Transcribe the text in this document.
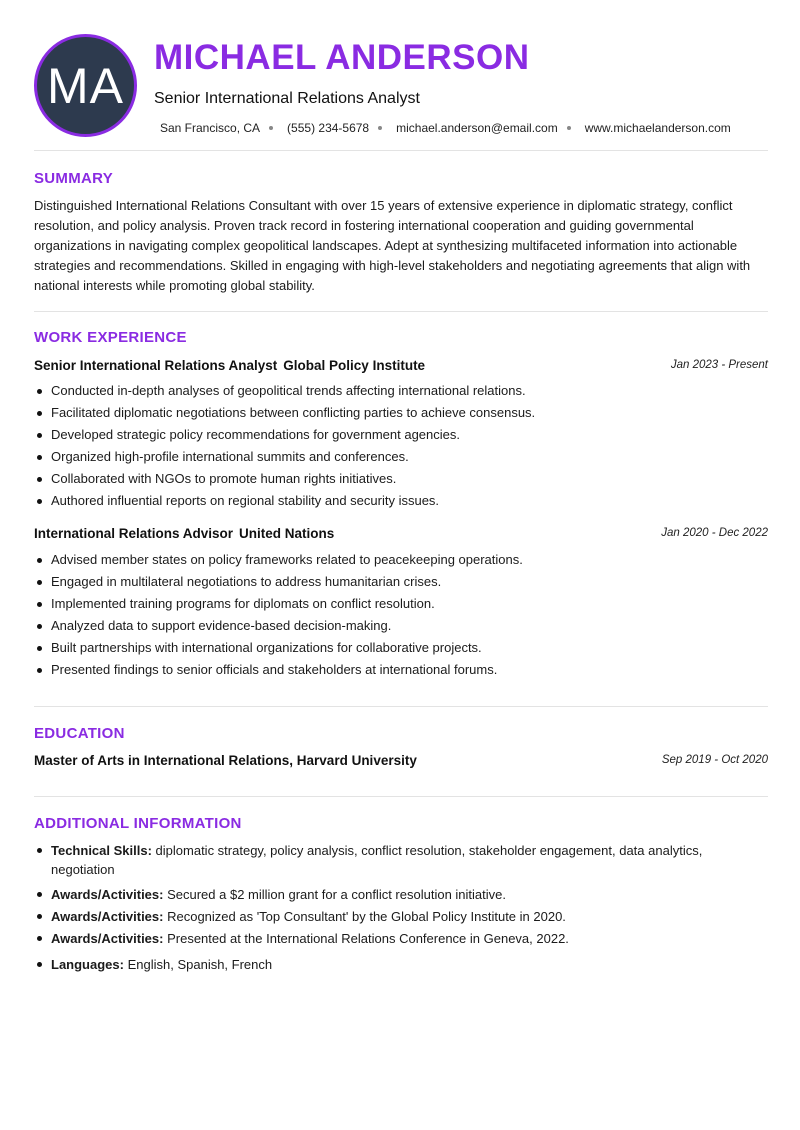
MA MICHAEL ANDERSON
Senior International Relations Analyst
San Francisco, CA (555) 234-5678 michael.anderson@email.com www.michaelanderson.com
SUMMARY
Distinguished International Relations Consultant with over 15 years of extensive experience in diplomatic strategy, conflict resolution, and policy analysis. Proven track record in fostering international cooperation and guiding governmental organizations in navigating complex geopolitical landscapes. Adept at synthesizing multifaceted information into actionable strategies and recommendations. Skilled in engaging with high-level stakeholders and negotiating agreements that align with national interests while promoting global stability.
WORK EXPERIENCE
Senior International Relations Analyst Global Policy Institute	Jan 2023 - Present
Conducted in-depth analyses of geopolitical trends affecting international relations.
Facilitated diplomatic negotiations between conflicting parties to achieve consensus.
Developed strategic policy recommendations for government agencies.
Organized high-profile international summits and conferences.
Collaborated with NGOs to promote human rights initiatives.
Authored influential reports on regional stability and security issues.
International Relations Advisor United Nations	Jan 2020 - Dec 2022
Advised member states on policy frameworks related to peacekeeping operations.
Engaged in multilateral negotiations to address humanitarian crises.
Implemented training programs for diplomats on conflict resolution.
Analyzed data to support evidence-based decision-making.
Built partnerships with international organizations for collaborative projects.
Presented findings to senior officials and stakeholders at international forums.
EDUCATION
Master of Arts in International Relations, Harvard University	Sep 2019 - Oct 2020
ADDITIONAL INFORMATION
Technical Skills: diplomatic strategy, policy analysis, conflict resolution, stakeholder engagement, data analytics, negotiation
Awards/Activities: Secured a $2 million grant for a conflict resolution initiative.
Awards/Activities: Recognized as 'Top Consultant' by the Global Policy Institute in 2020.
Awards/Activities: Presented at the International Relations Conference in Geneva, 2022.
Languages: English, Spanish, French
